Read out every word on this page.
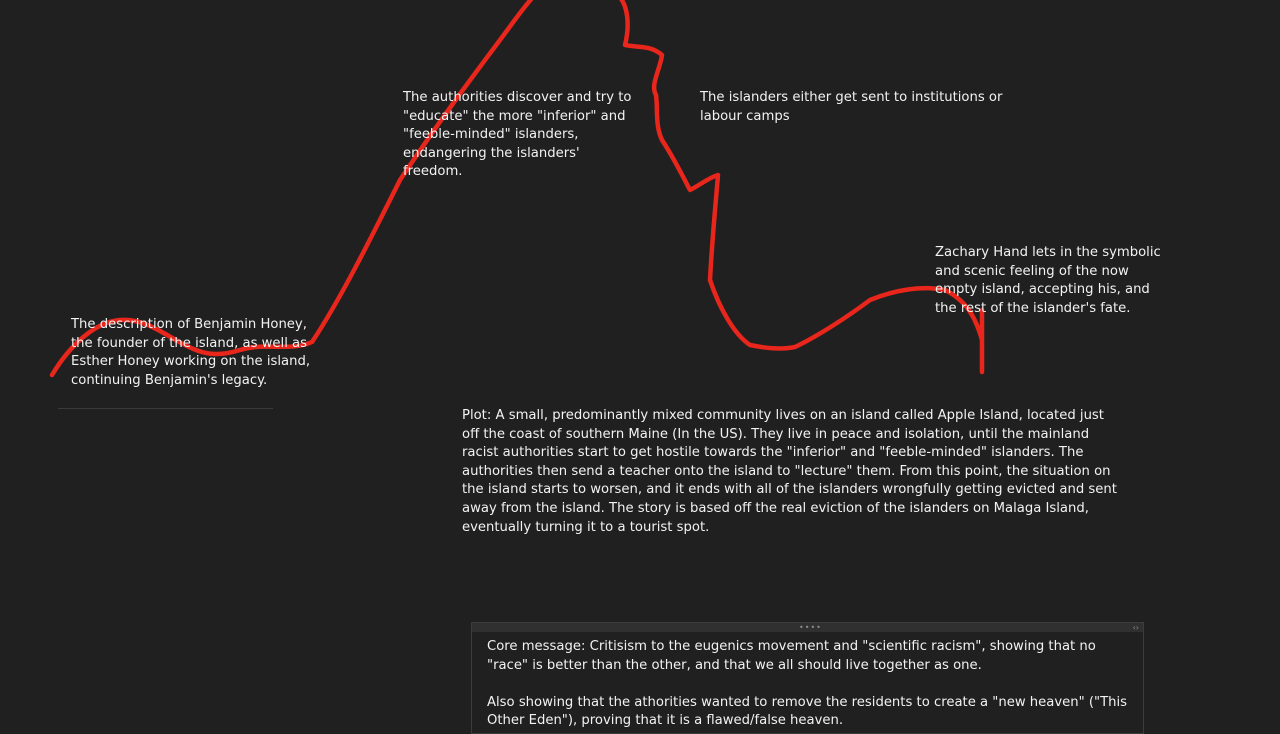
The description of Benjamin Honey, the founder of the island, as well as Esther Honey working on the island, continuing Benjamin's legacy.
The authorities discover and try to "educate" the more "inferior" and "feeble-minded" islanders, endangering the islanders' freedom.
The islanders either get sent to institutions or labour camps
Zachary Hand lets in the symbolic and scenic feeling of the now empty island, accepting his, and the rest of the islander's fate.
Plot: A small, predominantly mixed community lives on an island called Apple Island, located just off the coast of southern Maine (In the US). They live in peace and isolation, until the mainland racist authorities start to get hostile towards the "inferior" and "feeble-minded" islanders. The authorities then send a teacher onto the island to "lecture" them. From this point, the situation on the island starts to worsen, and it ends with all of the islanders wrongfully getting evicted and sent away from the island. The story is based off the real eviction of the islanders on Malaga Island, eventually turning it to a tourist spot.
••••	‹›

Core message: Critisism to the eugenics movement and "scientific racism", showing that no "race" is better than the other, and that we all should live together as one.

Also showing that the athorities wanted to remove the residents to create a "new heaven" ("This Other Eden"), proving that it is a flawed/false heaven.
